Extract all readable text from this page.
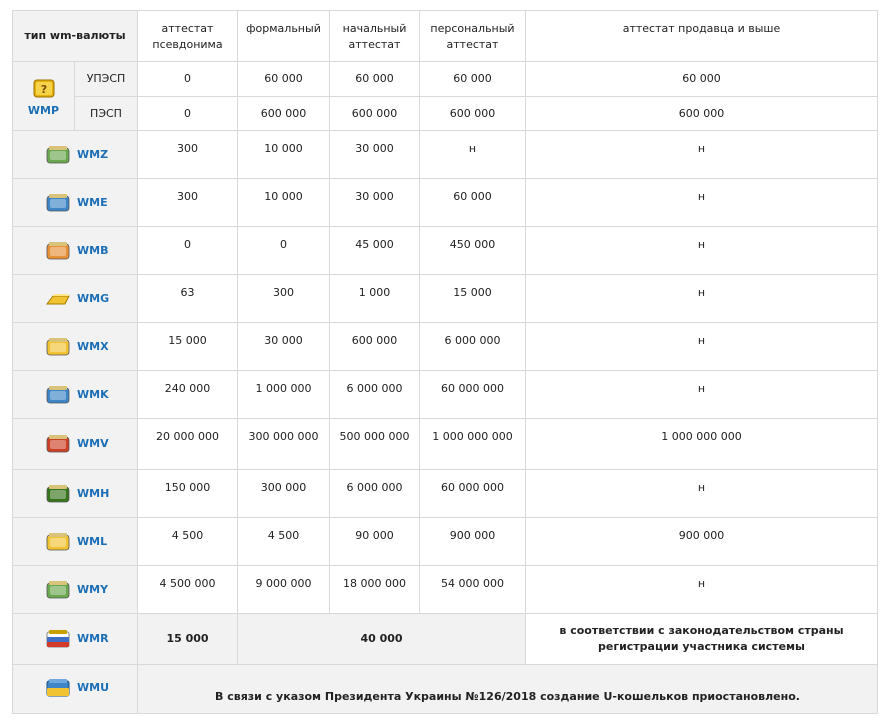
тип wm-валюты		аттестат псевдонима	формальный	начальный аттестат	персональный аттестат	аттестат продавца и выше

?
WMP	УПЭСП	0	60 000	60 000	60 000	60 000
	ПЭСП	0	600 000	600 000	600 000	600 000

WMZ		300	10 000	30 000	н	н

WME		300	10 000	30 000	60 000	н

WMB		0	0	45 000	450 000	н

WMG		63	300	1 000	15 000	н

WMX		15 000	30 000	600 000	6 000 000	н

WMK		240 000	1 000 000	6 000 000	60 000 000	н

WMV		20 000 000	300 000 000	500 000 000	1 000 000 000	1 000 000 000

WMH		150 000	300 000	6 000 000	60 000 000	н

WML		4 500	4 500	90 000	900 000	900 000

WMY		4 500 000	9 000 000	18 000 000	54 000 000	н

WMR		15 000	40 000			в соответствии с законодательством страны
регистрации участника системы

WMU		В связи с указом Президента Украины №126/2018 создание U-кошельков приостановлено.				
